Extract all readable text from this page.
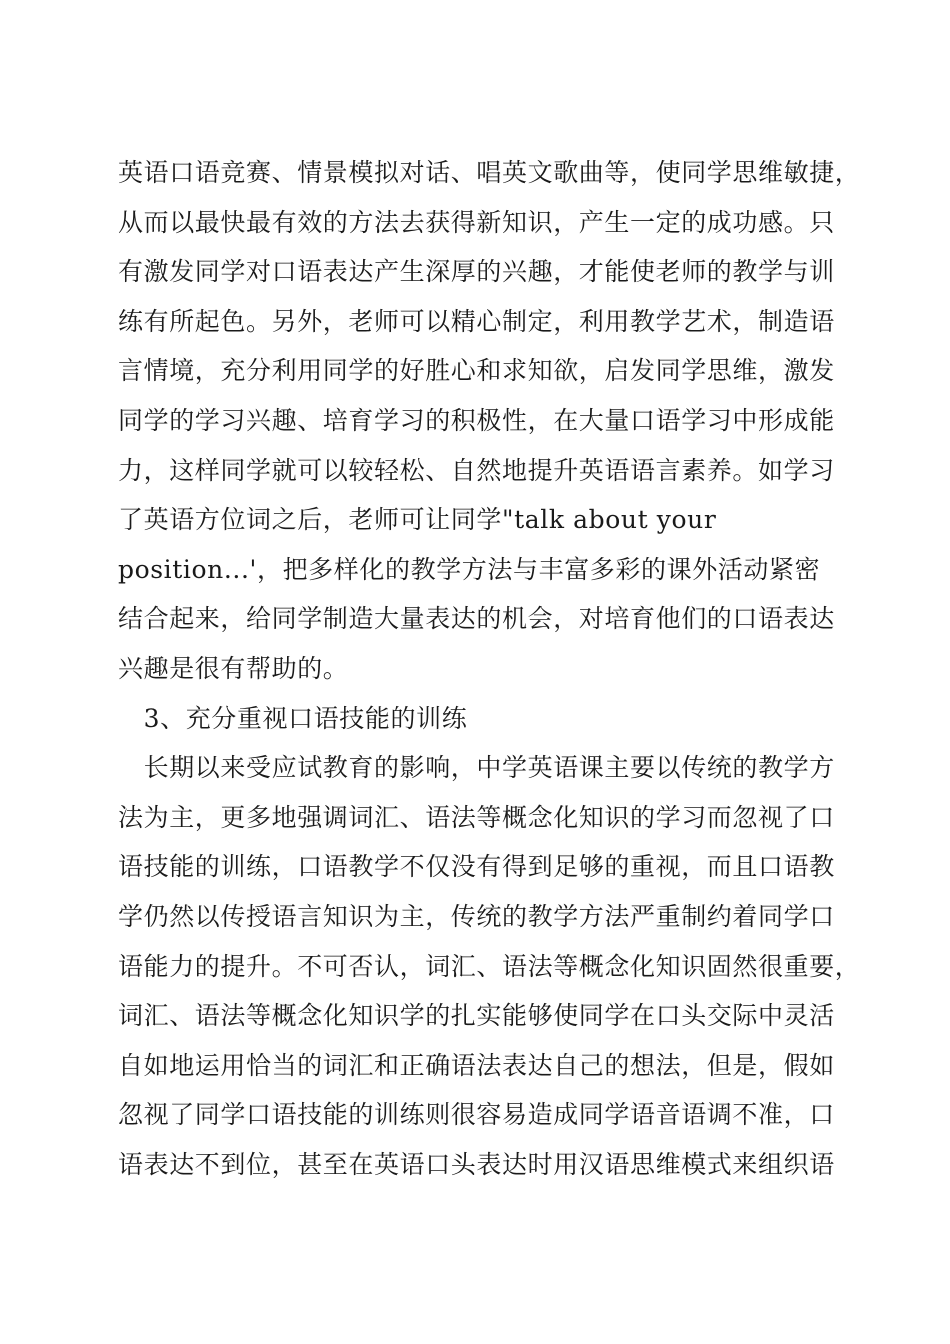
英语口语竞赛、情景模拟对话、唱英文歌曲等，使同学思维敏捷，
从而以最快最有效的方法去获得新知识，产生一定的成功感。只
有激发同学对口语表达产生深厚的兴趣，才能使老师的教学与训
练有所起色。另外，老师可以精心制定，利用教学艺术，制造语
言情境，充分利用同学的好胜心和求知欲，启发同学思维，激发
同学的学习兴趣、培育学习的积极性，在大量口语学习中形成能
力，这样同学就可以较轻松、自然地提升英语语言素养。如学习
了英语方位词之后，老师可让同学"talk about your
position...'，把多样化的教学方法与丰富多彩的课外活动紧密
结合起来，给同学制造大量表达的机会，对培育他们的口语表达
兴趣是很有帮助的。
　3、充分重视口语技能的训练
　长期以来受应试教育的影响，中学英语课主要以传统的教学方
法为主，更多地强调词汇、语法等概念化知识的学习而忽视了口
语技能的训练，口语教学不仅没有得到足够的重视，而且口语教
学仍然以传授语言知识为主，传统的教学方法严重制约着同学口
语能力的提升。不可否认，词汇、语法等概念化知识固然很重要，
词汇、语法等概念化知识学的扎实能够使同学在口头交际中灵活
自如地运用恰当的词汇和正确语法表达自己的想法，但是，假如
忽视了同学口语技能的训练则很容易造成同学语音语调不准，口
语表达不到位，甚至在英语口头表达时用汉语思维模式来组织语
